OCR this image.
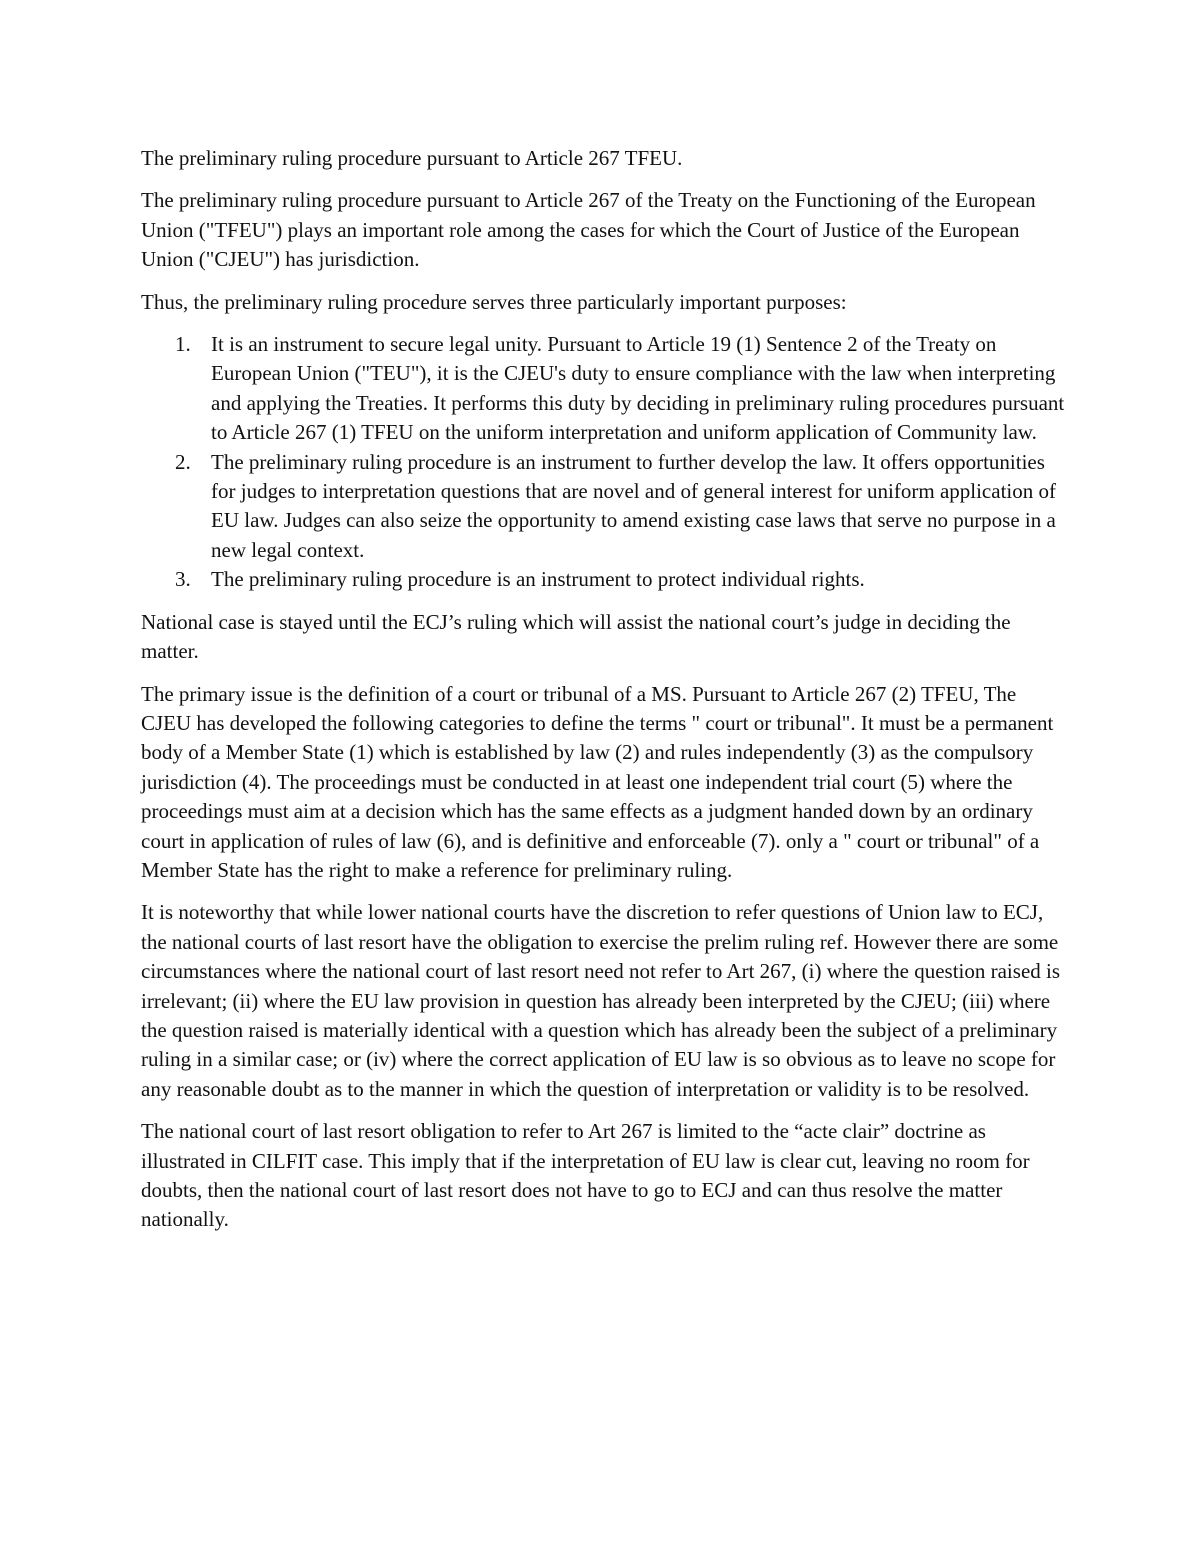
The preliminary ruling procedure pursuant to Article 267 TFEU.

The preliminary ruling procedure pursuant to Article 267 of the Treaty on the Functioning of the European Union ("TFEU") plays an important role among the cases for which the Court of Justice of the European Union ("CJEU") has jurisdiction.

Thus, the preliminary ruling procedure serves three particularly important purposes:

1. It is an instrument to secure legal unity. Pursuant to Article 19 (1) Sentence 2 of the Treaty on European Union ("TEU"), it is the CJEU's duty to ensure compliance with the law when interpreting and applying the Treaties. It performs this duty by deciding in preliminary ruling procedures pursuant to Article 267 (1) TFEU on the uniform interpretation and uniform application of Community law.
2. The preliminary ruling procedure is an instrument to further develop the law. It offers opportunities for judges to interpretation questions that are novel and of general interest for uniform application of EU law. Judges can also seize the opportunity to amend existing case laws that serve no purpose in a new legal context.
3. The preliminary ruling procedure is an instrument to protect individual rights.

National case is stayed until the ECJ’s ruling which will assist the national court’s judge in deciding the matter.

The primary issue is the definition of a court or tribunal of a MS. Pursuant to Article 267 (2) TFEU, The CJEU has developed the following categories to define the terms " court or tribunal". It must be a permanent body of a Member State (1) which is established by law (2) and rules independently (3) as the compulsory jurisdiction (4). The proceedings must be conducted in at least one independent trial court (5) where the proceedings must aim at a decision which has the same effects as a judgment handed down by an ordinary court in application of rules of law (6), and is definitive and enforceable (7). only a " court or tribunal" of a Member State has the right to make a reference for preliminary ruling.

It is noteworthy that while lower national courts have the discretion to refer questions of Union law to ECJ, the national courts of last resort have the obligation to exercise the prelim ruling ref. However there are some circumstances where the national court of last resort need not refer to Art 267, (i) where the question raised is irrelevant; (ii) where the EU law provision in question has already been interpreted by the CJEU; (iii) where the question raised is materially identical with a question which has already been the subject of a preliminary ruling in a similar case; or (iv) where the correct application of EU law is so obvious as to leave no scope for any reasonable doubt as to the manner in which the question of interpretation or validity is to be resolved.

The national court of last resort obligation to refer to Art 267 is limited to the “acte clair” doctrine as illustrated in CILFIT case. This imply that if the interpretation of EU law is clear cut, leaving no room for doubts, then the national court of last resort does not have to go to ECJ and can thus resolve the matter nationally.
